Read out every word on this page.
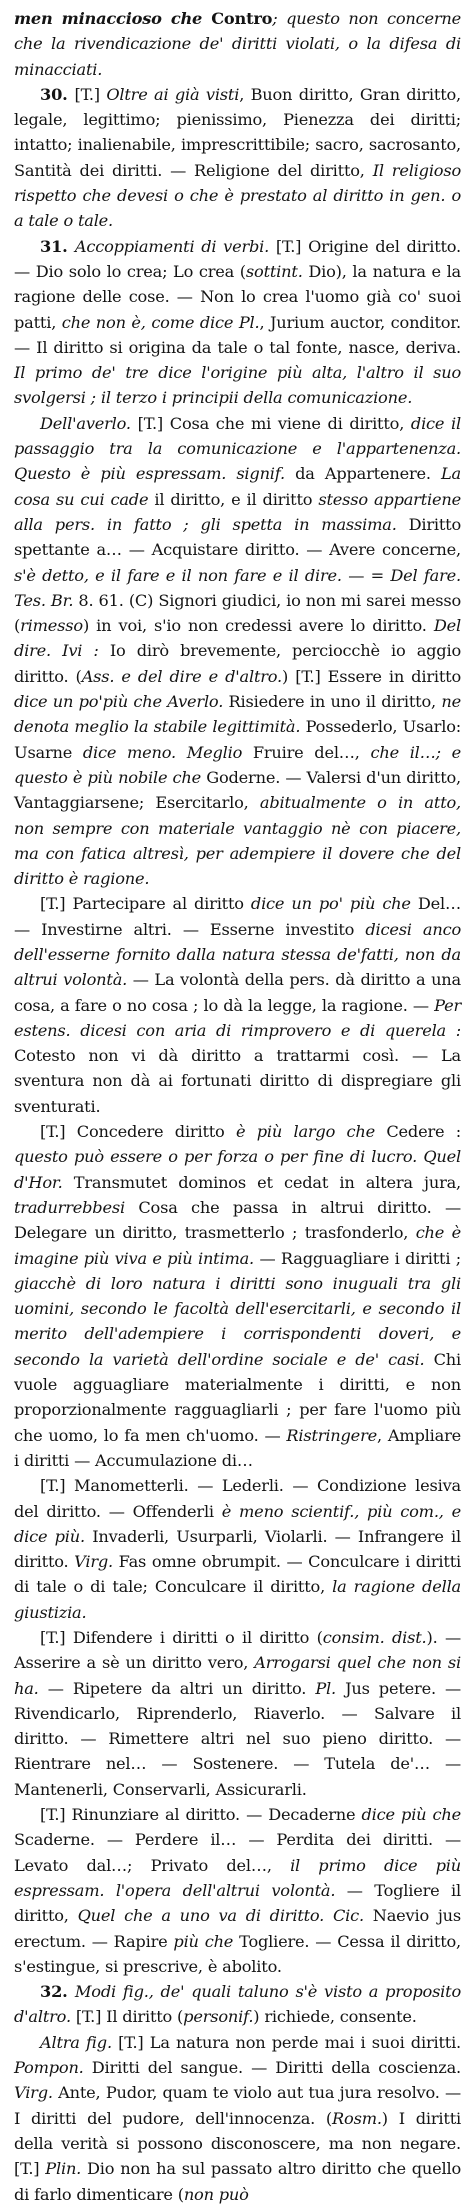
men minaccioso che Contro; questo non concerne che la rivendicazione de' diritti violati, o la difesa di minacciati.

30. [T.] Oltre ai già visti, Buon diritto, Gran diritto, legale, legittimo; pienissimo, Pienezza dei diritti; intatto; inalienabile, imprescrittibile; sacro, sacrosanto, Santità dei diritti. — Religione del diritto, Il religioso rispetto che devesi o che è prestato al diritto in gen. o a tale o tale.

31. Accoppiamenti di verbi. [T.] Origine del diritto. — Dio solo lo crea; Lo crea (sottint. Dio), la natura e la ragione delle cose. — Non lo crea l'uomo già co' suoi patti, che non è, come dice Pl., Jurium auctor, conditor. — Il diritto si origina da tale o tal fonte, nasce, deriva. Il primo de' tre dice l'origine più alta, l'altro il suo svolgersi ; il terzo i principii della comunicazione.

Dell'averlo. [T.] Cosa che mi viene di diritto, dice il passaggio tra la comunicazione e l'appartenenza. Questo è più espressam. signif. da Appartenere. La cosa su cui cade il diritto, e il diritto stesso appartiene alla pers. in fatto ; gli spetta in massima. Diritto spettante a… — Acquistare diritto. — Avere concerne, s'è detto, e il fare e il non fare e il dire. — = Del fare. Tes. Br. 8. 61. (C) Signori giudici, io non mi sarei messo (rimesso) in voi, s'io non credessi avere lo diritto. Del dire. Ivi : Io dirò brevemente, perciocchè io aggio diritto. (Ass. e del dire e d'altro.) [T.] Essere in diritto dice un po'più che Averlo. Risiedere in uno il diritto, ne denota meglio la stabile legittimità. Possederlo, Usarlo: Usarne dice meno. Meglio Fruire del…, che il…; e questo è più nobile che Goderne. — Valersi d'un diritto, Vantaggiarsene; Esercitarlo, abitualmente o in atto, non sempre con materiale vantaggio nè con piacere, ma con fatica altresì, per adempiere il dovere che del diritto è ragione.

[T.] Partecipare al diritto dice un po' più che Del… — Investirne altri. — Esserne investito dicesi anco dell'esserne fornito dalla natura stessa de'fatti, non da altrui volontà. — La volontà della pers. dà diritto a una cosa, a fare o no cosa ; lo dà la legge, la ragione. — Per estens. dicesi con aria di rimprovero e di querela : Cotesto non vi dà diritto a trattarmi così. — La sventura non dà ai fortunati diritto di dispregiare gli sventurati.

[T.] Concedere diritto è più largo che Cedere : questo può essere o per forza o per fine di lucro. Quel d'Hor. Transmutet dominos et cedat in altera jura, tradurrebbesi Cosa che passa in altrui diritto. — Delegare un diritto, trasmetterlo ; trasfonderlo, che è imagine più viva e più intima. — Ragguagliare i diritti ; giacchè di loro natura i diritti sono inuguali tra gli uomini, secondo le facoltà dell'esercitarli, e secondo il merito dell'adempiere i corrispondenti doveri, e secondo la varietà dell'ordine sociale e de' casi. Chi vuole agguagliare materialmente i diritti, e non proporzionalmente ragguagliarli ; per fare l'uomo più che uomo, lo fa men ch'uomo. — Ristringere, Ampliare i diritti — Accumulazione di…

[T.] Manometterli. — Lederli. — Condizione lesiva del diritto. — Offenderli è meno scientif., più com., e dice più. Invaderli, Usurparli, Violarli. — Infrangere il diritto. Virg. Fas omne obrumpit. — Conculcare i diritti di tale o di tale; Conculcare il diritto, la ragione della giustizia.

[T.] Difendere i diritti o il diritto (consim. dist.). — Asserire a sè un diritto vero, Arrogarsi quel che non si ha. — Ripetere da altri un diritto. Pl. Jus petere. — Rivendicarlo, Riprenderlo, Riaverlo. — Salvare il diritto. — Rimettere altri nel suo pieno diritto. — Rientrare nel… — Sostenere. — Tutela de'… — Mantenerli, Conservarli, Assicurarli.

[T.] Rinunziare al diritto. — Decaderne dice più che Scaderne. — Perdere il… — Perdita dei diritti. — Levato dal…; Privato del…, il primo dice più espressam. l'opera dell'altrui volontà. — Togliere il diritto, Quel che a uno va di diritto. Cic. Naevio jus erectum. — Rapire più che Togliere. — Cessa il diritto, s'estingue, si prescrive, è abolito.

32. Modi fig., de' quali taluno s'è visto a proposito d'altro. [T.] Il diritto (personif.) richiede, consente.

Altra fig. [T.] La natura non perde mai i suoi diritti. Pompon. Diritti del sangue. — Diritti della coscienza. Virg. Ante, Pudor, quam te violo aut tua jura resolvo. — I diritti del pudore, dell'innocenza. (Rosm.) I diritti della verità si possono disconoscere, ma non negare. [T.] Plin. Dio non ha sul passato altro diritto che quello di farlo dimenticare (non può
